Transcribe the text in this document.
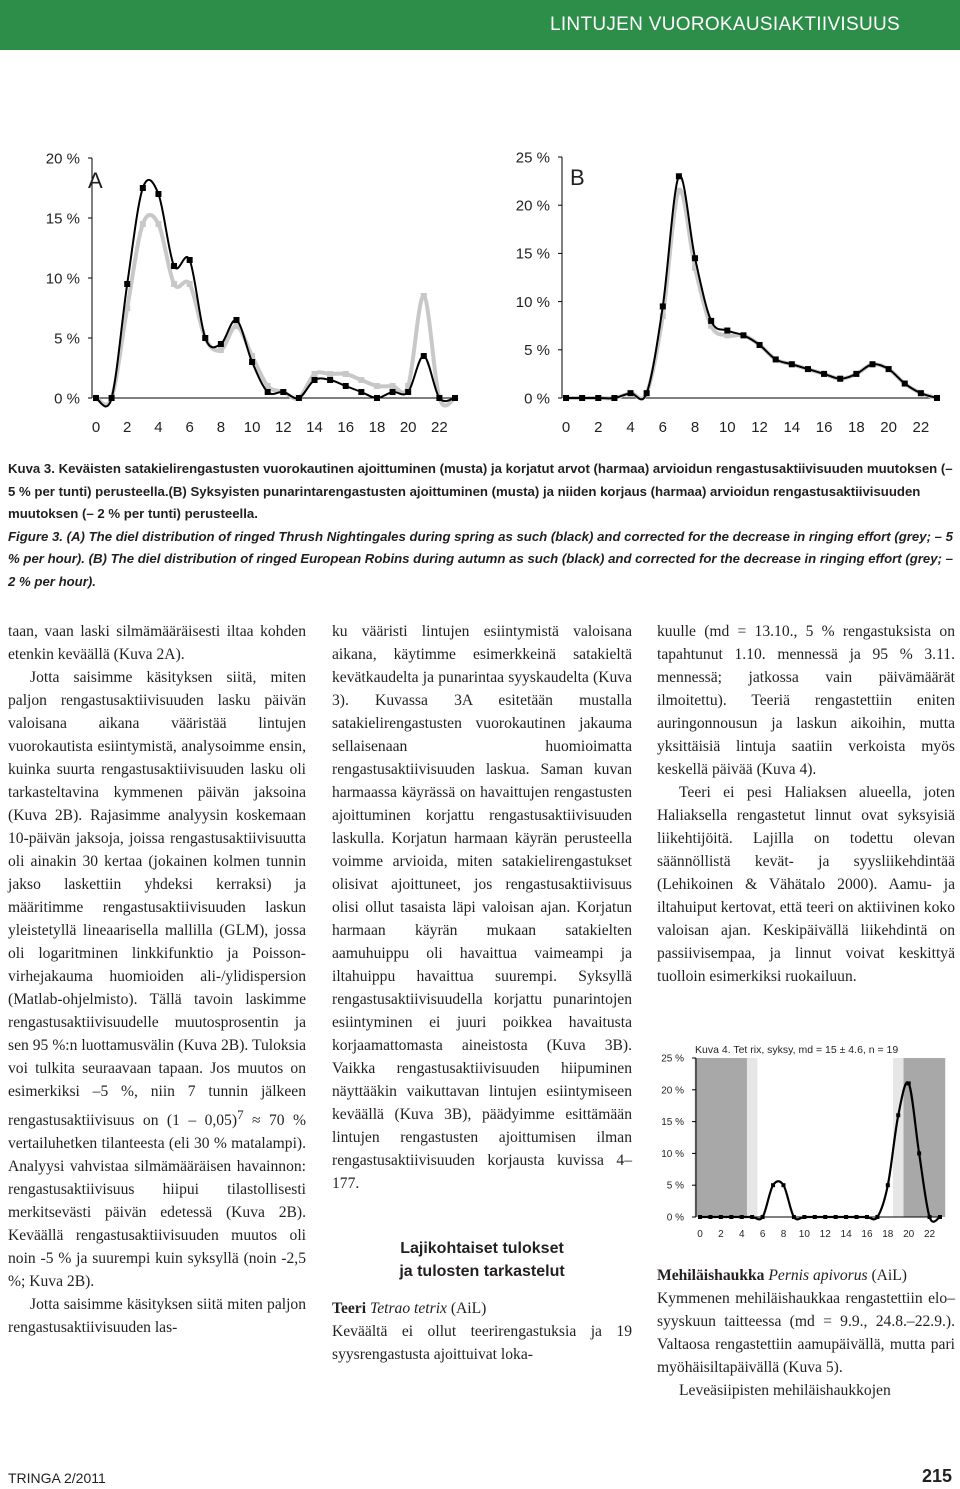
LINTUJEN VUOROKAUSIAKTIIVISUUS
0 %
5 %
10 %
15 %
20 %
0 2 4 6 8 10 12 14 16 18 20 22
A
0 %
5 %
10 %
15 %
20 %
25 %
0 2 4 6 8 10 12 14 16 18 20 22
B

Kuva 3. Keväisten satakielirengastusten vuorokautinen ajoittuminen (musta) ja korjatut arvot (harmaa) arvioidun rengastusaktiivisuuden muutoksen (– 5 % per tunti) perusteella.(B) Syksyisten punarintarengastusten ajoittuminen (musta) ja niiden korjaus (harmaa) arvioidun rengastusaktiivisuuden muutoksen (– 2 % per tunti) perusteella.

Figure 3. (A) The diel distribution of ringed Thrush Nightingales during spring as such (black) and corrected for the decrease in ringing effort (grey; – 5 % per hour). (B) The diel distribution of ringed European Robins during autumn as such (black) and corrected for the decrease in ringing effort (grey; – 2 % per hour).

taan, vaan laski silmämääräisesti iltaa kohden etenkin keväällä (Kuva 2A).

Jotta saisimme käsityksen siitä, miten paljon rengastusaktiivisuuden lasku päivän valoisana aikana vääristää lintujen vuorokautista esiintymistä, analysoimme ensin, kuinka suurta rengastusaktiivisuuden lasku oli tarkasteltavina kymmenen päivän jaksoina (Kuva 2B). Rajasimme analyysin koskemaan 10-päivän jaksoja, joissa rengastusaktiivisuutta oli ainakin 30 kertaa (jokainen kolmen tunnin jakso laskettiin yhdeksi kerraksi) ja määritimme rengastusaktiivisuuden laskun yleistetyllä lineaarisella mallilla (GLM), jossa oli logaritminen linkkifunktio ja Poisson-virhejakauma huomioiden ali-/ylidispersion (Matlab-ohjelmisto). Tällä tavoin laskimme rengastusaktiivisuudelle muutosprosentin ja sen 95 %:n luottamusvälin (Kuva 2B). Tuloksia voi tulkita seuraavaan tapaan. Jos muutos on esimerkiksi –5 %, niin 7 tunnin jälkeen rengastusaktiivisuus on (1 – 0,05)$^7$ ≈ 70 % vertailuhetken tilanteesta (eli 30 % matalampi). Analyysi vahvistaa silmämääräisen havainnon: rengastusaktiivisuus hiipui tilastollisesti merkitsevästi päivän edetessä (Kuva 2B). Keväällä rengastusaktiivisuuden muutos oli noin -5 % ja suurempi kuin syksyllä (noin -2,5 %; Kuva 2B).

Jotta saisimme käsityksen siitä miten paljon rengastusaktiivisuuden las-

ku vääristi lintujen esiintymistä valoisana aikana, käytimme esimerkkeinä satakieltä kevätkaudelta ja punarintaa syyskaudelta (Kuva 3). Kuvassa 3A esitetään mustalla satakielirengastusten vuorokautinen jakauma sellaisenaan huomioimatta rengastusaktiivisuuden laskua. Saman kuvan harmaassa käyrässä on havaittujen rengastusten ajoittuminen korjattu rengastusaktiivisuuden laskulla. Korjatun harmaan käyrän perusteella voimme arvioida, miten satakielirengastukset olisivat ajoittuneet, jos rengastusaktiivisuus olisi ollut tasaista läpi valoisan ajan. Korjatun harmaan käyrän mukaan satakielten aamuhuippu oli havaittua vaimeampi ja iltahuippu havaittua suurempi. Syksyllä rengastusaktiivisuudella korjattu punarintojen esiintyminen ei juuri poikkea havaitusta korjaamattomasta aineistosta (Kuva 3B). Vaikka rengastusaktiivisuuden hiipuminen näyttääkin vaikuttavan lintujen esiintymiseen keväällä (Kuva 3B), päädyimme esittämään lintujen rengastusten ajoittumisen ilman rengastusaktiivisuuden korjausta kuvissa 4–177.

Lajikohtaiset tulokset
ja tulosten tarkastelut

Teeri Tetrao tetrix (AiL)

Keväältä ei ollut teerirengastuksia ja 19 syysrengastusta ajoittuivat loka-

kuulle (md = 13.10., 5 % rengastuksista on tapahtunut 1.10. mennessä ja 95 % 3.11. mennessä; jatkossa vain päivämäärät ilmoitettu). Teeriä rengastettiin eniten auringonnousun ja laskun aikoihin, mutta yksittäisiä lintuja saatiin verkoista myös keskellä päivää (Kuva 4).

Teeri ei pesi Haliaksen alueella, joten Haliaksella rengastetut linnut ovat syksyisiä liikehtijöitä. Lajilla on todettu olevan säännöllistä kevät- ja syysliikehdintää (Lehikoinen & Vähätalo 2000). Aamu- ja iltahuiput kertovat, että teeri on aktiivinen koko valoisan ajan. Keskipäivällä liikehdintä on passiivisempaa, ja linnut voivat keskittyä tuolloin esimerkiksi ruokailuun.

0 %
5 %
10 %
15 %
20 %
25 %
0 2 4 6 8 10 12 14 16 18 20 22
Kuva 4. Tet rix, syksy, md = 15 ± 4.6, n = 19

Mehiläishaukka Pernis apivorus (AiL)

Kymmenen mehiläishaukkaa rengastettiin elo–syyskuun taitteessa (md = 9.9., 24.8.–22.9.). Valtaosa rengastettiin aamupäivällä, mutta pari myöhäisiltapäivällä (Kuva 5).

Leveäsiipisten mehiläishaukkojen

TRINGA 2/2011	215
